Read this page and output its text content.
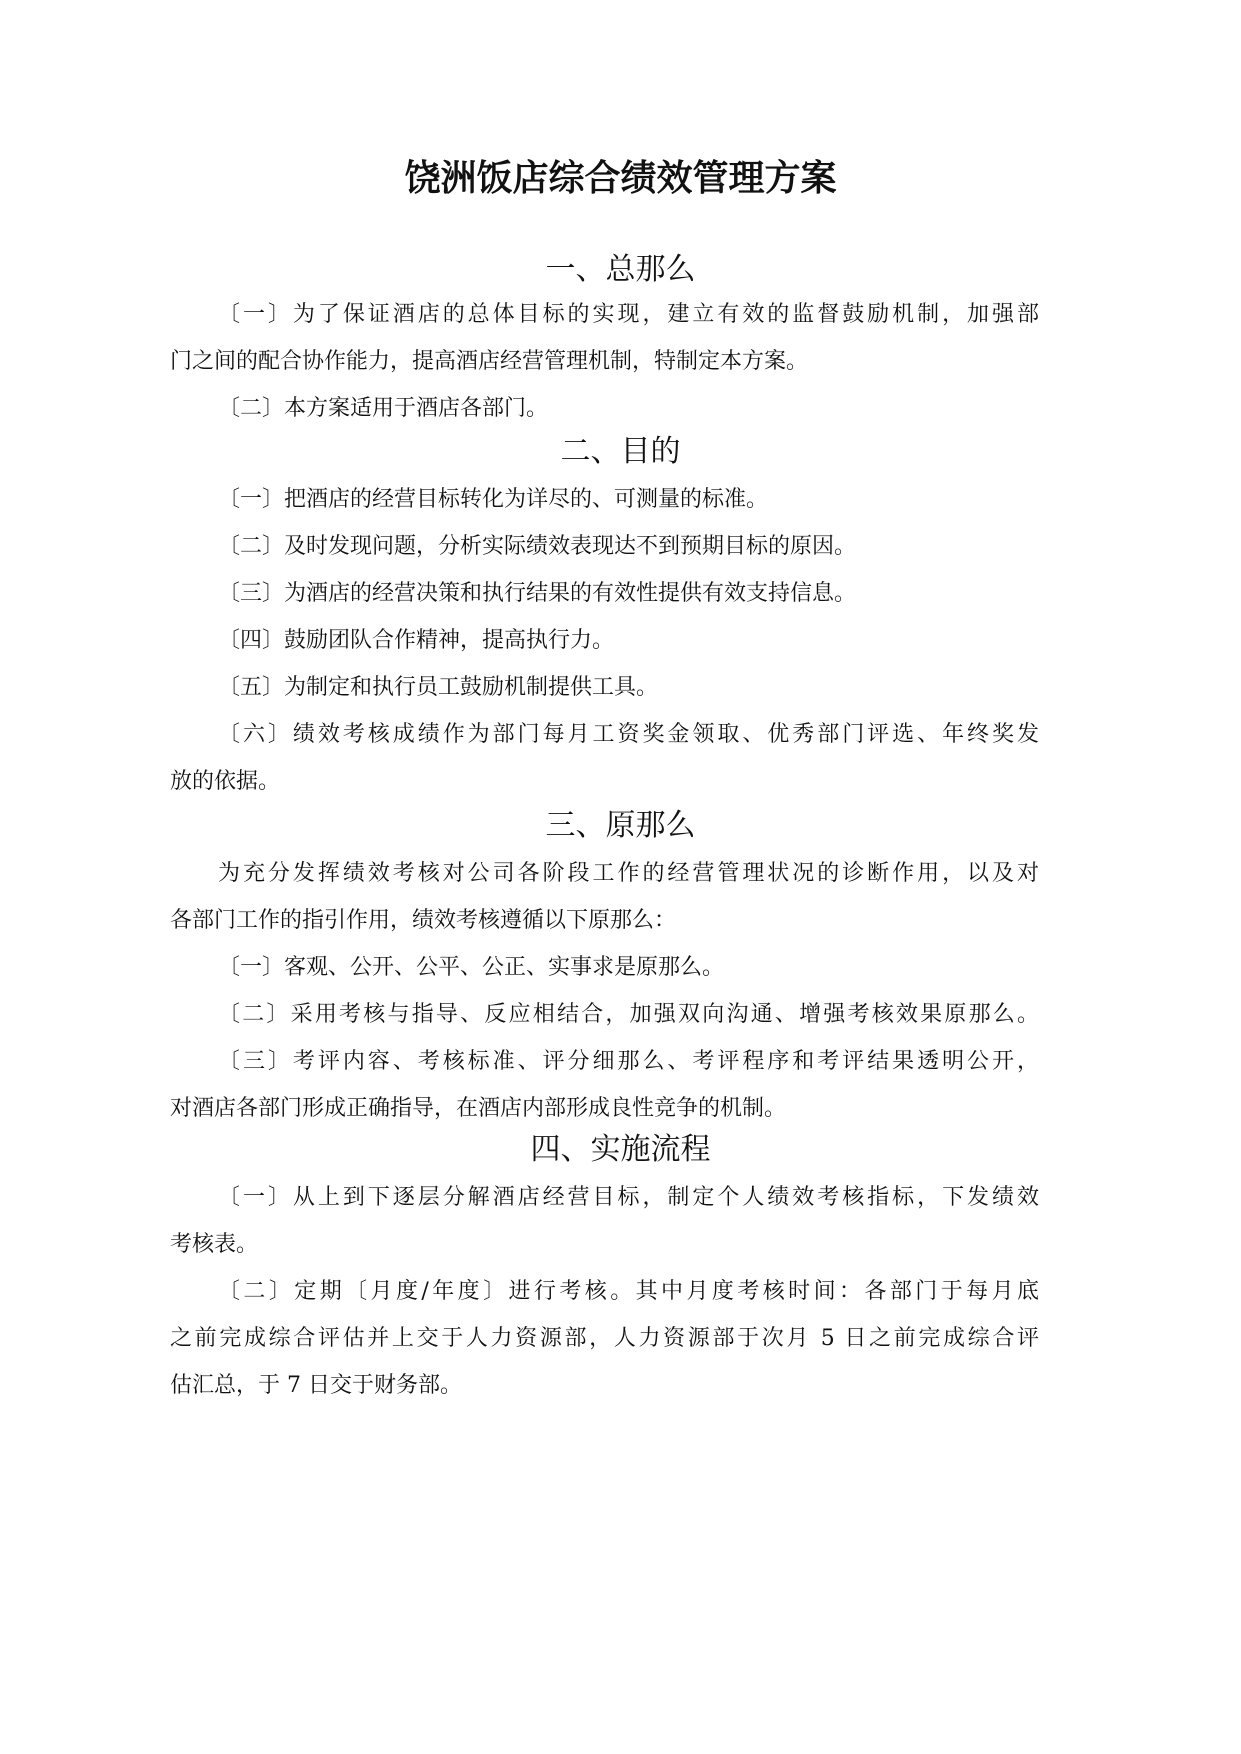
饶洲饭店综合绩效管理方案
一、总那么
〔一〕为了保证酒店的总体目标的实现，建立有效的监督鼓励机制，加强部
门之间的配合协作能力，提高酒店经营管理机制，特制定本方案。
〔二〕本方案适用于酒店各部门。
二、目的
〔一〕把酒店的经营目标转化为详尽的、可测量的标准。
〔二〕及时发现问题，分析实际绩效表现达不到预期目标的原因。
〔三〕为酒店的经营决策和执行结果的有效性提供有效支持信息。
〔四〕鼓励团队合作精神，提高执行力。
〔五〕为制定和执行员工鼓励机制提供工具。
〔六〕绩效考核成绩作为部门每月工资奖金领取、优秀部门评选、年终奖发
放的依据。
三、原那么
为充分发挥绩效考核对公司各阶段工作的经营管理状况的诊断作用，以及对
各部门工作的指引作用，绩效考核遵循以下原那么：
〔一〕客观、公开、公平、公正、实事求是原那么。
〔二〕采用考核与指导、反应相结合，加强双向沟通、增强考核效果原那么。
〔三〕考评内容、考核标准、评分细那么、考评程序和考评结果透明公开，
对酒店各部门形成正确指导，在酒店内部形成良性竞争的机制。
四、实施流程
〔一〕从上到下逐层分解酒店经营目标，制定个人绩效考核指标，下发绩效
考核表。
〔二〕定期〔月度/年度〕进行考核。其中月度考核时间：各部门于每月底
之前完成综合评估并上交于人力资源部，人力资源部于次月 5 日之前完成综合评
估汇总，于 7 日交于财务部。
